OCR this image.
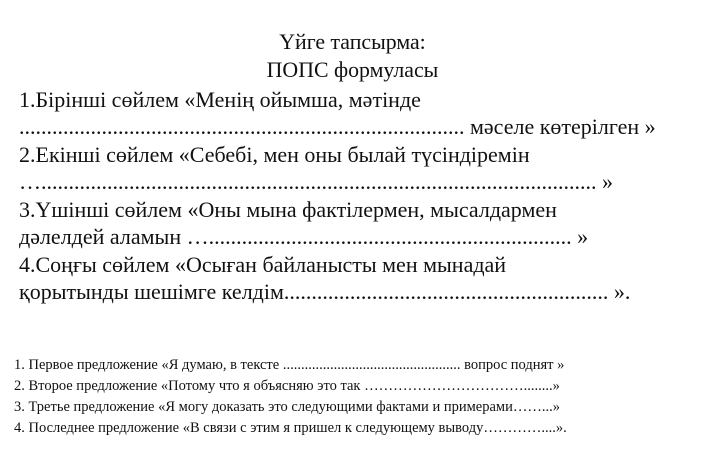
Үйге тапсырма:
ПОПС формуласы
1.Бірінші сөйлем «Менің ойымша, мәтінде
................................................................................. мәселе көтерілген »
2.Екінші сөйлем «Себебі, мен оны былай түсіндіремін
…..................................................................................................... »
3.Үшінші сөйлем «Оны мына фактілермен, мысалдармен
дәлелдей аламын ….................................................................. »
4.Соңғы сөйлем «Осыған байланысты мен мынадай
қорытынды шешімге келдім........................................................... ».
1. Первое предложение «Я думаю, в тексте ................................................. вопрос поднят »
2. Второе предложение «Потому что я объясняю это так ……………………………........»
3. Третье предложение «Я могу доказать это следующими фактами и примерами……...»
4. Последнее предложение «В связи с этим я пришел к следующему выводу…………....».
